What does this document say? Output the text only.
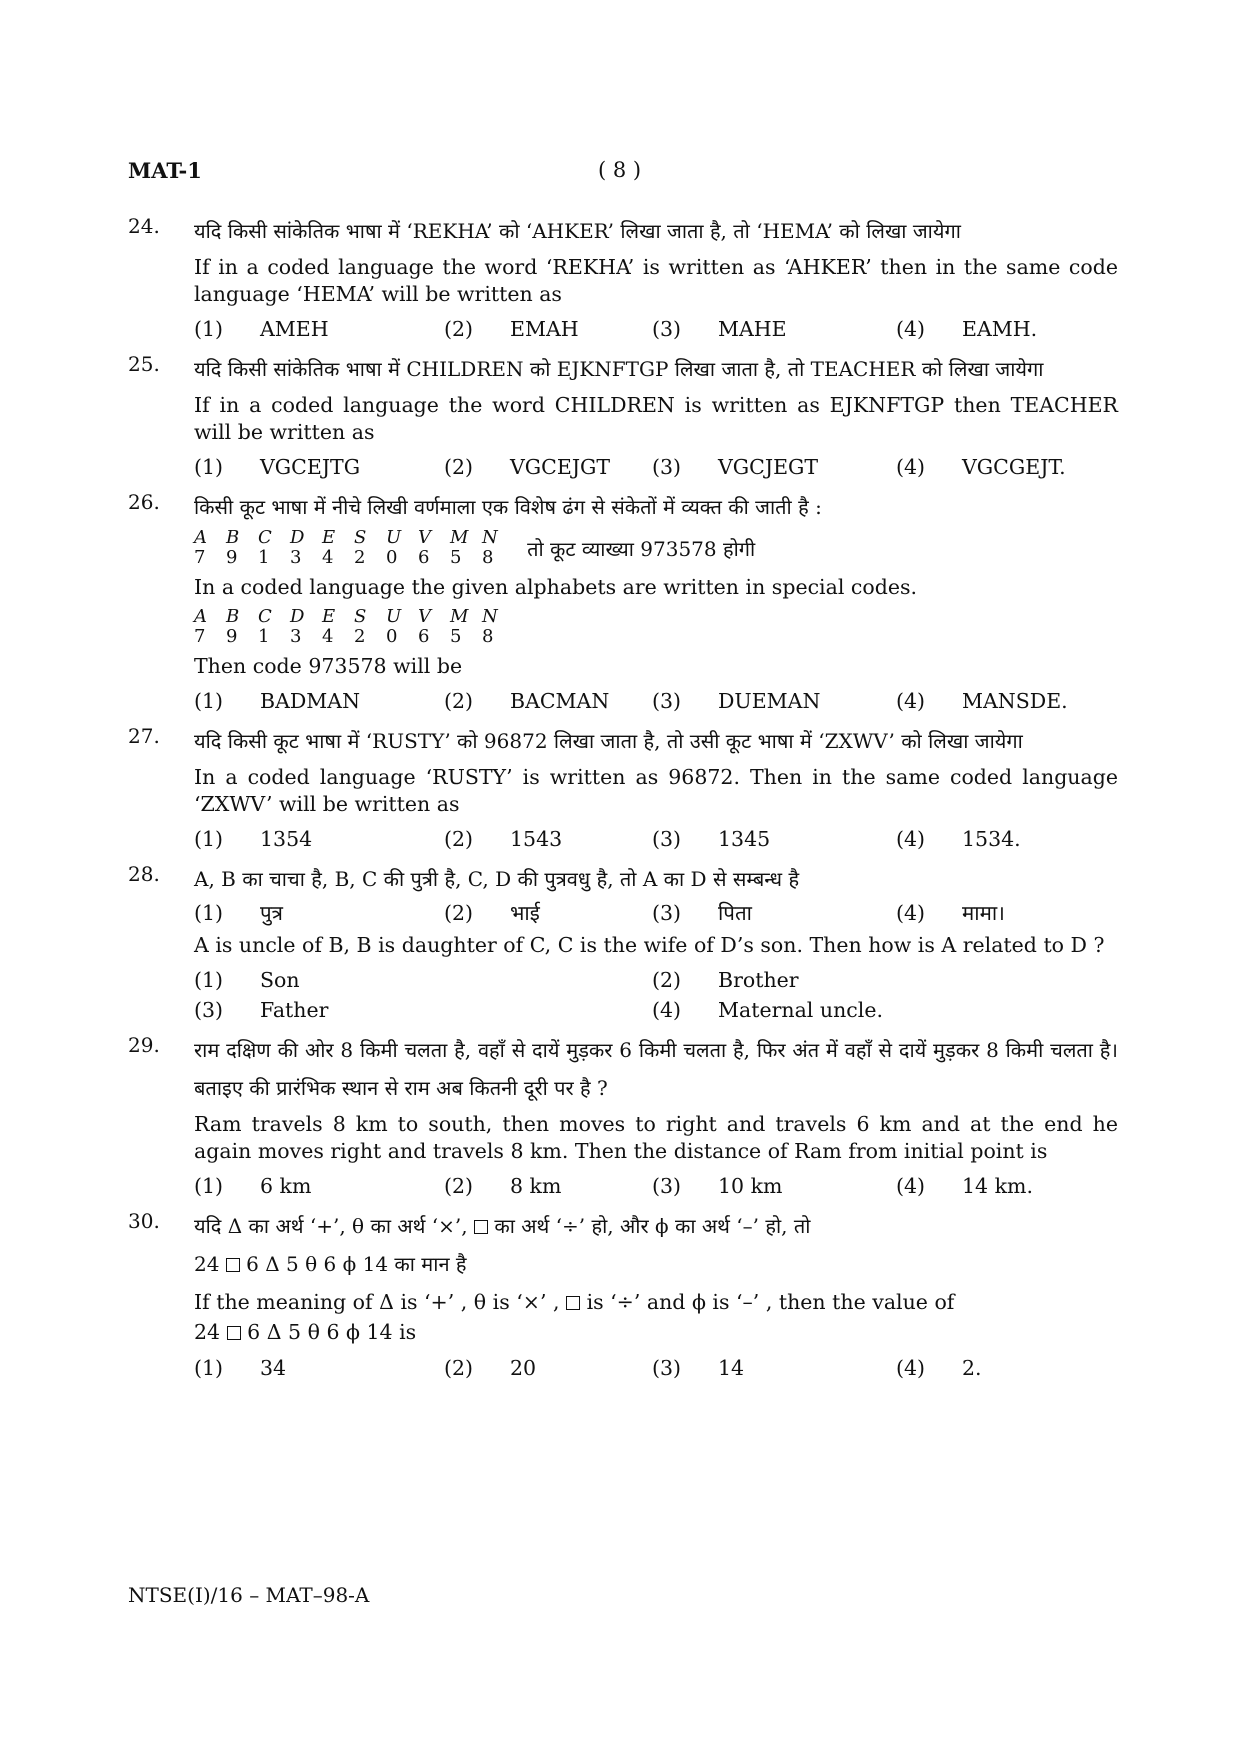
MAT-1	( 8 )
24. यदि किसी सांकेतिक भाषा में ‘REKHA’ को ‘AHKER’ लिखा जाता है, तो ‘HEMA’ को लिखा जायेगा
If in a coded language the word ‘REKHA’ is written as ‘AHKER’ then in the same code language ‘HEMA’ will be written as
(1)	AMEH	(2)	EMAH	(3)	MAHE	(4)	EAMH.
25. यदि किसी सांकेतिक भाषा में CHILDREN को EJKNFTGP लिखा जाता है, तो TEACHER को लिखा जायेगा
If in a coded language the word CHILDREN is written as EJKNFTGP then TEACHER will be written as
(1)	VGCEJTG	(2)	VGCEJGT (3)	VGCJEGT	(4)	VGCGEJT.
26. किसी कूट भाषा में नीचे लिखी वर्णमाला एक विशेष ढंग से संकेतों में व्यक्त की जाती है :
A	B	C	D E	S	U V	M N
7	9	1	3	4	2	0	6	5	8	तो कूट व्याख्या 973578 होगी
In a coded language the given alphabets are written in special codes.
A	B	C	D E	S	U V	M N
7	9	1	3	4	2	0	6	5	8
Then code 973578 will be
(1)	BADMAN	(2)	BACMAN (3)	DUEMAN	(4)	MANSDE.
27. यदि किसी कूट भाषा में ‘RUSTY’ को 96872 लिखा जाता है, तो उसी कूट भाषा में ‘ZXWV’ को लिखा जायेगा
In a coded language ‘RUSTY’ is written as 96872. Then in the same coded language ‘ZXWV’ will be written as
(1)	1354	(2)	1543	(3)	1345	(4)	1534.
28. A, B का चाचा है, B, C की पुत्री है, C, D की पुत्रवधु है, तो A का D से सम्बन्ध है
(1)	पुत्र	(2)	भाई	(3)	पिता	(4)	मामा।
A is uncle of B, B is daughter of C, C is the wife of D’s son. Then how is A related to D ?
(1)	Son	(2)	Brother
(3)	Father	(4)	Maternal uncle.
29. राम दक्षिण की ओर 8 किमी चलता है, वहाँ से दायें मुड़कर 6 किमी चलता है, फिर अंत में वहाँ से दायें मुड़कर 8 किमी चलता है। बताइए की प्रारंभिक स्थान से राम अब कितनी दूरी पर है ?
Ram travels 8 km to south, then moves to right and travels 6 km and at the end he again moves right and travels 8 km. Then the distance of Ram from initial point is
(1)	6 km	(2)	8 km	(3)	10 km	(4)	14 km.
30. यदि Δ का अर्थ ‘+’, θ का अर्थ ‘×’, का अर्थ ‘÷’ हो, और ϕ का अर्थ ‘–’ हो, तो
24 6 Δ 5 θ 6 ϕ 14 का मान है
If the meaning of Δ is ‘+’ , θ is ‘×’ , is ‘÷’ and ϕ is ‘–’ , then the value of
24 6 Δ 5 θ 6 ϕ 14 is
(1)	34	(2)	20	(3)	14	(4)	2.
NTSE(I)/16 – MAT–98-A
